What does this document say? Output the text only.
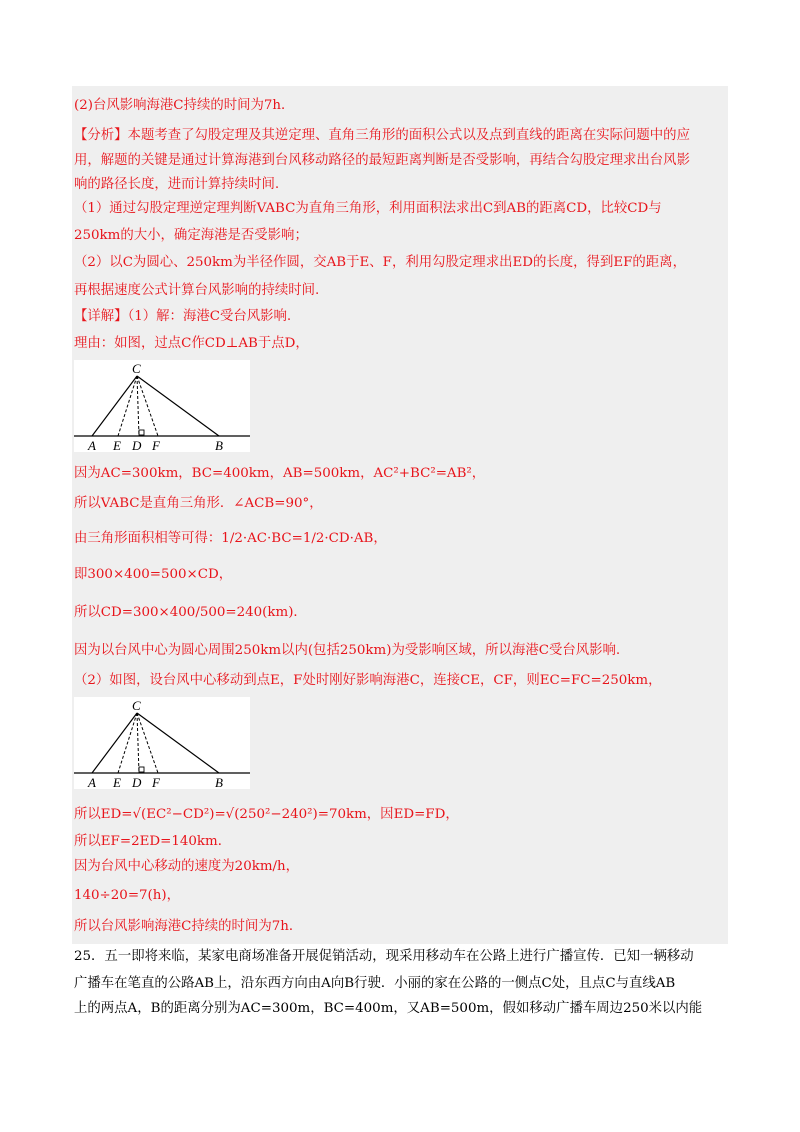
(2)台风影响海港C持续的时间为7h．
【分析】本题考查了勾股定理及其逆定理、直角三角形的面积公式以及点到直线的距离在实际问题中的应
用，解题的关键是通过计算海港到台风移动路径的最短距离判断是否受影响，再结合勾股定理求出台风影
响的路径长度，进而计算持续时间.
（1）通过勾股定理逆定理判断VABC为直角三角形，利用面积法求出C到AB的距离CD，比较CD与
250km的大小，确定海港是否受影响；
（2）以C为圆心、250km为半径作圆，交AB于E、F，利用勾股定理求出ED的长度，得到EF的距离，
再根据速度公式计算台风影响的持续时间.
【详解】（1）解：海港C受台风影响.
理由：如图，过点C作CD⊥AB于点D，
C
A E D F	B
因为AC=300km，BC=400km，AB=500km，AC²+BC²=AB²，
所以VABC是直角三角形．∠ACB=90°，
由三角形面积相等可得：1/2·AC·BC=1/2·CD·AB，
即300×400=500×CD，
所以CD=300×400/500=240(km)．
因为以台风中心为圆心周围250km以内(包括250km)为受影响区域，所以海港C受台风影响.
（2）如图，设台风中心移动到点E，F处时刚好影响海港C，连接CE，CF，则EC=FC=250km，
C
A E D F	B
所以ED=√(EC²−CD²)=√(250²−240²)=70km，因ED=FD，
所以EF=2ED=140km．
因为台风中心移动的速度为20km/h，
140÷20=7(h)，
所以台风影响海港C持续的时间为7h．
25．五一即将来临，某家电商场准备开展促销活动，现采用移动车在公路上进行广播宣传．已知一辆移动
广播车在笔直的公路AB上，沿东西方向由A向B行驶．小丽的家在公路的一侧点C处，且点C与直线AB
上的两点A，B的距离分别为AC=300m，BC=400m，又AB=500m，假如移动广播车周边250米以内能
